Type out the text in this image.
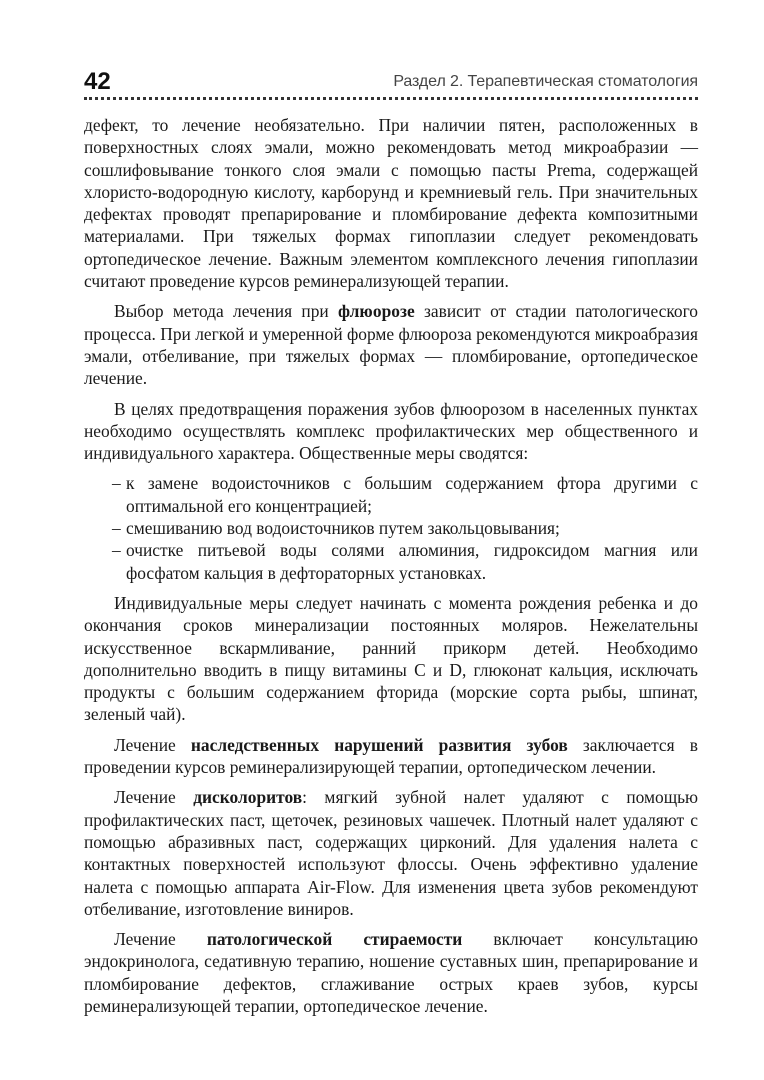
42	Раздел 2. Терапевтическая стоматология

дефект, то лечение необязательно. При наличии пятен, расположенных в поверхностных слоях эмали, можно рекомендовать метод микроабразии — сошлифовывание тонкого слоя эмали с помощью пасты Prema, содержащей хлористо-водородную кислоту, карборунд и кремниевый гель. При значительных дефектах проводят препарирование и пломбирование дефекта композитными материалами. При тяжелых формах гипоплазии следует рекомендовать ортопедическое лечение. Важным элементом комплексного лечения гипоплазии считают проведение курсов реминерализующей терапии.

Выбор метода лечения при флюорозе зависит от стадии патологического процесса. При легкой и умеренной форме флюороза рекомендуются микроабразия эмали, отбеливание, при тяжелых формах — пломбирование, ортопедическое лечение.

В целях предотвращения поражения зубов флюорозом в населенных пунктах необходимо осуществлять комплекс профилактических мер общественного и индивидуального характера. Общественные меры сводятся:

– к замене водоисточников с большим содержанием фтора другими с оптимальной его концентрацией;
– смешиванию вод водоисточников путем закольцовывания;
– очистке питьевой воды солями алюминия, гидроксидом магния или фосфатом кальция в дефтораторных установках.

Индивидуальные меры следует начинать с момента рождения ребенка и до окончания сроков минерализации постоянных моляров. Нежелательны искусственное вскармливание, ранний прикорм детей. Необходимо дополнительно вводить в пищу витамины C и D, глюконат кальция, исключать продукты с большим содержанием фторида (морские сорта рыбы, шпинат, зеленый чай).

Лечение наследственных нарушений развития зубов заключается в проведении курсов реминерализирующей терапии, ортопедическом лечении.

Лечение дисколоритов: мягкий зубной налет удаляют с помощью профилактических паст, щеточек, резиновых чашечек. Плотный налет удаляют с помощью абразивных паст, содержащих цирконий. Для удаления налета с контактных поверхностей используют флоссы. Очень эффективно удаление налета с помощью аппарата Air-Flow. Для изменения цвета зубов рекомендуют отбеливание, изготовление виниров.

Лечение патологической стираемости включает консультацию эндокринолога, седативную терапию, ношение суставных шин, препарирование и пломбирование дефектов, сглаживание острых краев зубов, курсы реминерализующей терапии, ортопедическое лечение.
